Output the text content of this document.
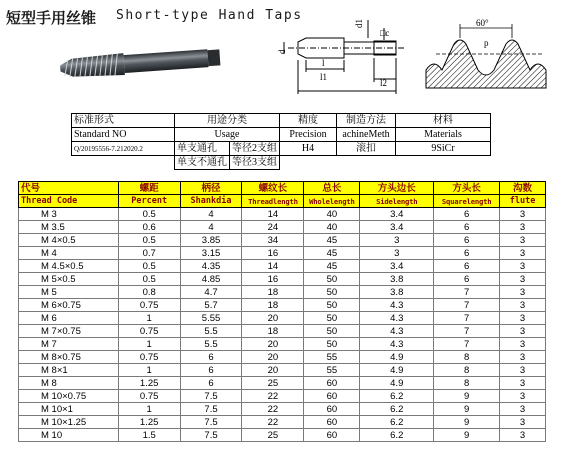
短型手用丝锥 Short-type Hand Taps
d1
d
l
l1
l2
□c
60°
p
标准形式	用途分类		精度	制造方法	材料
Standard NO	Usage		Precision	achineMeth	Materials
Q/20195556-7.212020.2	单支通孔	等径2支组	H4	滚扣	9SiCr
	单支不通孔	等径3支组			
代号	螺距	柄径	螺纹长	总长	方头边长	方头长	沟数
Thread Code	Percent	Shankdia	Threadlength	Wholelength	Sidelength	Squarelength	flute
M 3	0.5	4	14	40	3.4	6	3
M 3.5	0.6	4	24	40	3.4	6	3
M 4×0.5	0.5	3.85	34	45	3	6	3
M 4	0.7	3.15	16	45	3	6	3
M 4.5×0.5	0.5	4.35	14	45	3.4	6	3
M 5×0.5	0.5	4.85	16	50	3.8	6	3
M 5	0.8	4.7	18	50	3.8	7	3
M 6×0.75	0.75	5.7	18	50	4.3	7	3
M 6	1	5.55	20	50	4.3	7	3
M 7×0.75	0.75	5.5	18	50	4.3	7	3
M 7	1	5.5	20	50	4.3	7	3
M 8×0.75	0.75	6	20	55	4.9	8	3
M 8×1	1	6	20	55	4.9	8	3
M 8	1.25	6	25	60	4.9	8	3
M 10×0.75	0.75	7.5	22	60	6.2	9	3
M 10×1	1	7.5	22	60	6.2	9	3
M 10×1.25	1.25	7.5	22	60	6.2	9	3
M 10	1.5	7.5	25	60	6.2	9	3
